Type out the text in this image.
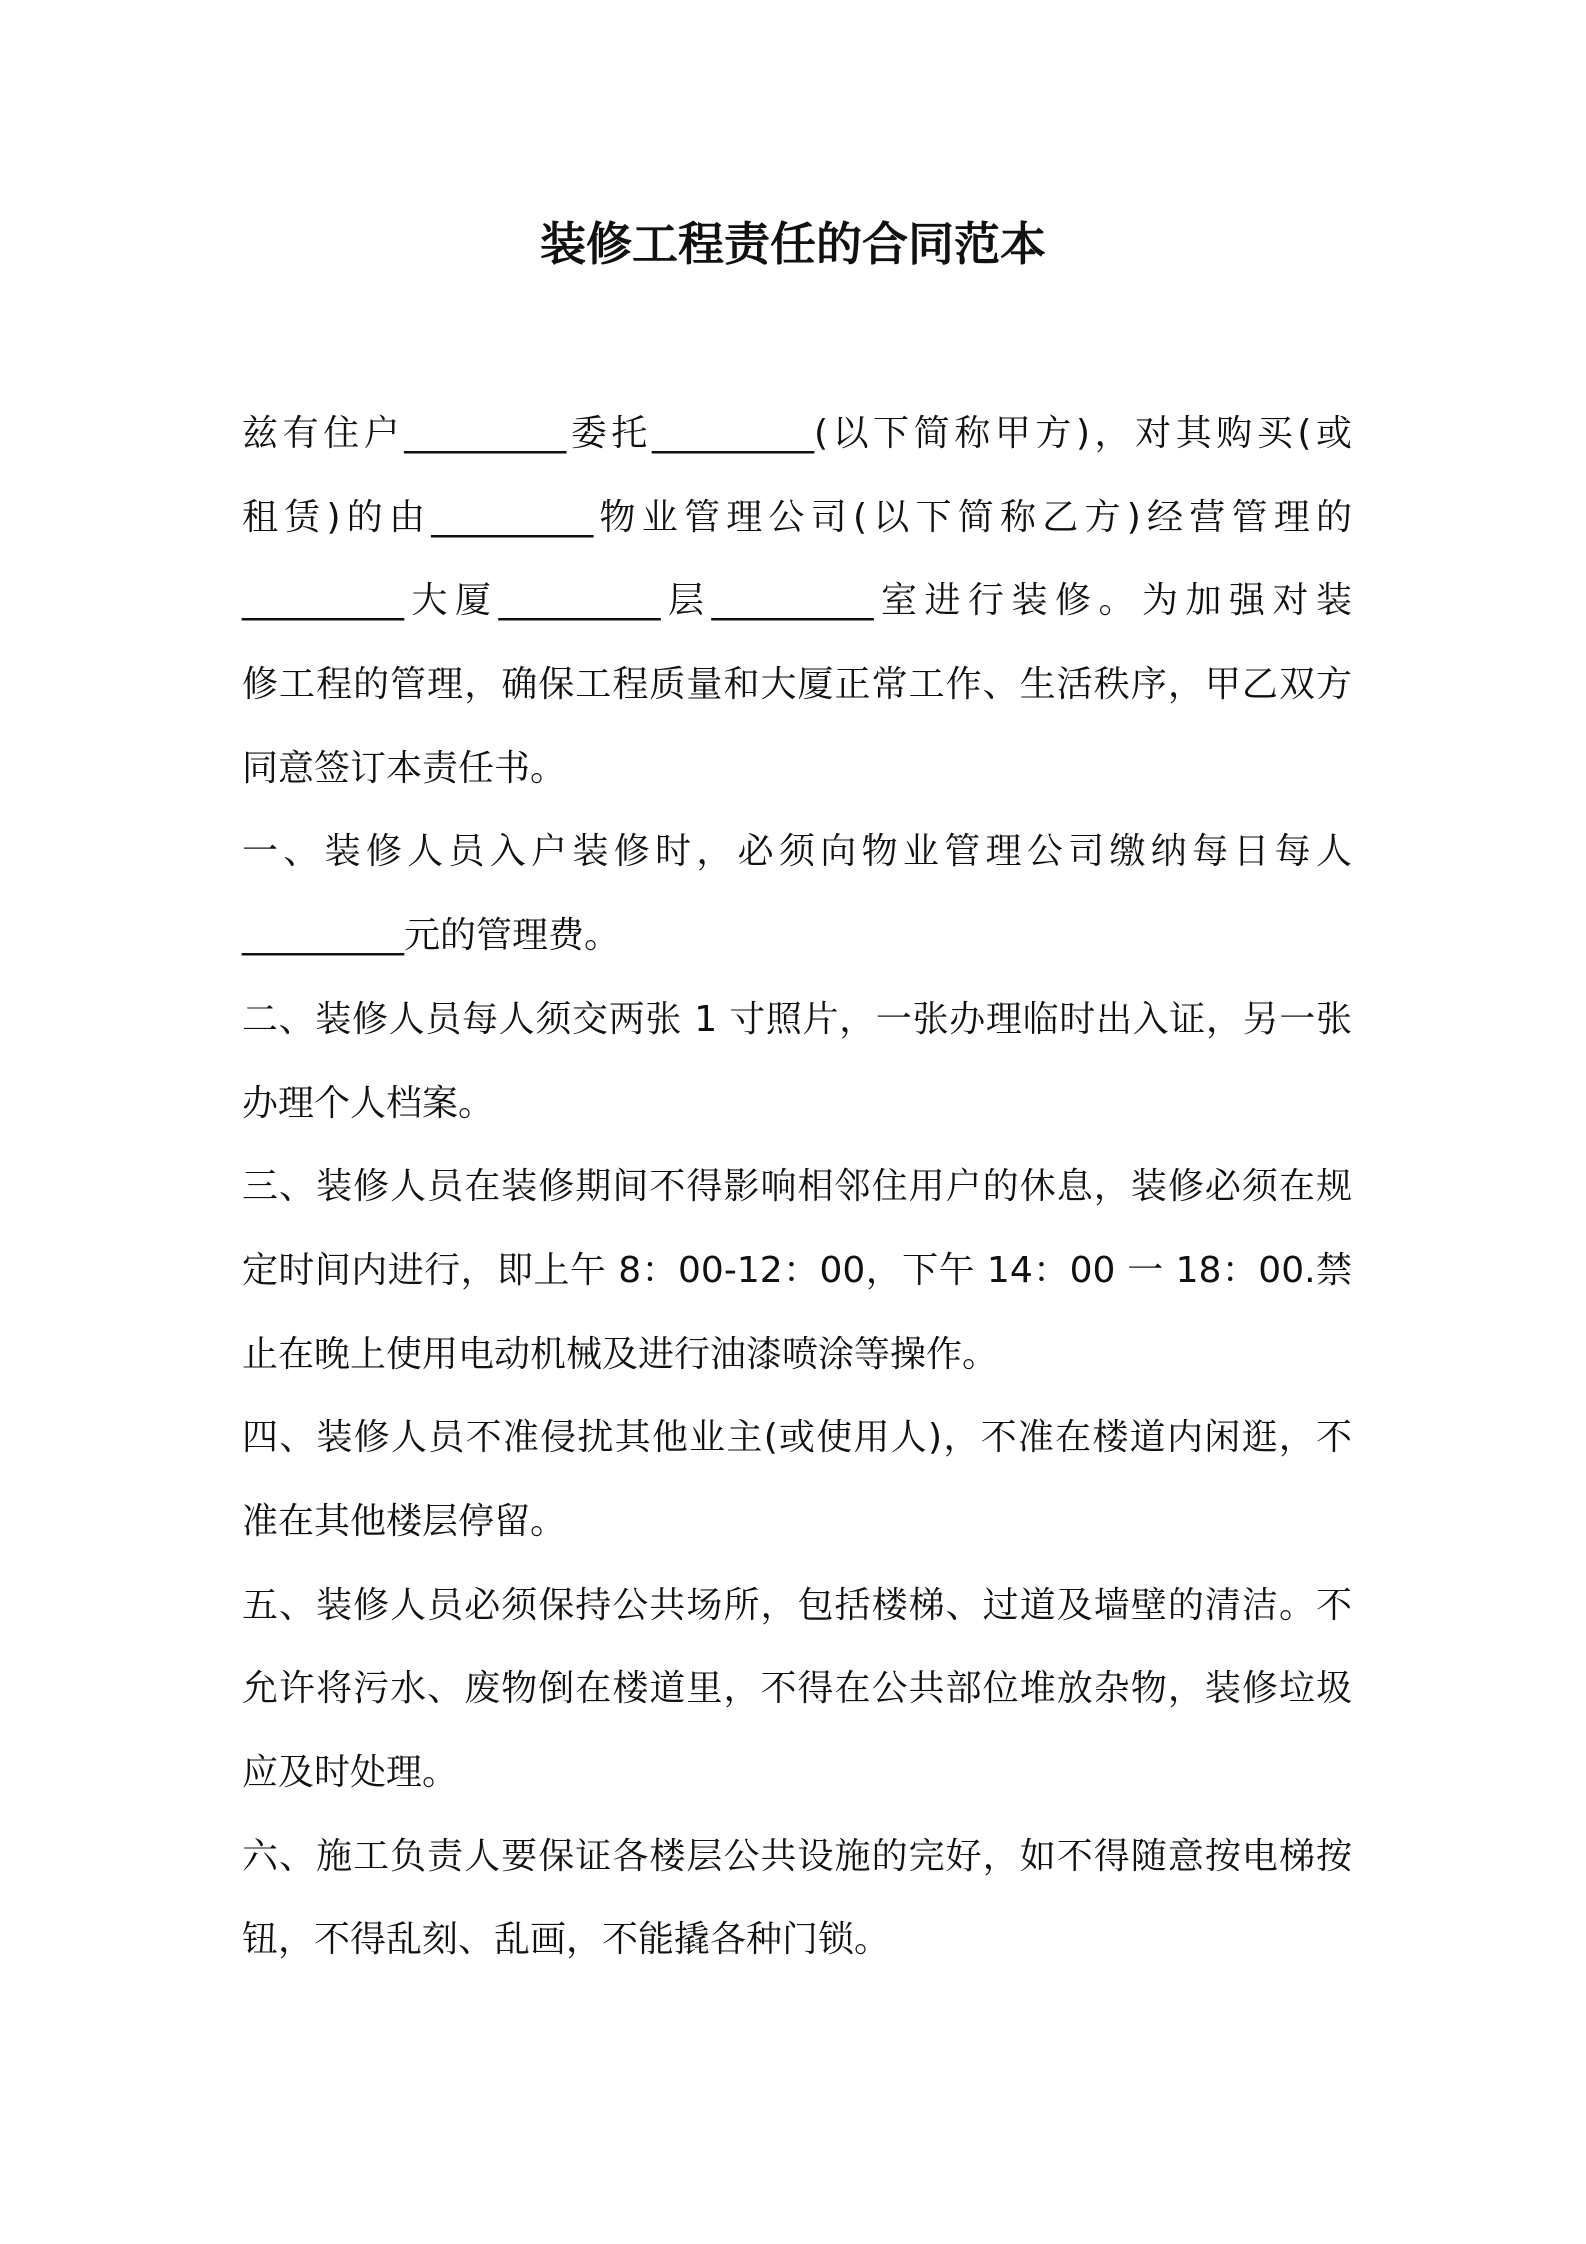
装修工程责任的合同范本
兹有住户_________委托_________(以下简称甲方)，对其购买(或
租赁)的由_________物业管理公司(以下简称乙方)经营管理的
_________大厦_________层_________室进行装修。为加强对装
修工程的管理，确保工程质量和大厦正常工作、生活秩序，甲乙双方
同意签订本责任书。
一、装修人员入户装修时，必须向物业管理公司缴纳每日每人
_________元的管理费。
二、装修人员每人须交两张 1 寸照片，一张办理临时出入证，另一张
办理个人档案。
三、装修人员在装修期间不得影响相邻住用户的休息，装修必须在规
定时间内进行，即上午 8：00-12：00，下午 14：00 一 18：00.禁
止在晚上使用电动机械及进行油漆喷涂等操作。
四、装修人员不准侵扰其他业主(或使用人)，不准在楼道内闲逛，不
准在其他楼层停留。
五、装修人员必须保持公共场所，包括楼梯、过道及墙壁的清洁。不
允许将污水、废物倒在楼道里，不得在公共部位堆放杂物，装修垃圾
应及时处理。
六、施工负责人要保证各楼层公共设施的完好，如不得随意按电梯按
钮，不得乱刻、乱画，不能撬各种门锁。
